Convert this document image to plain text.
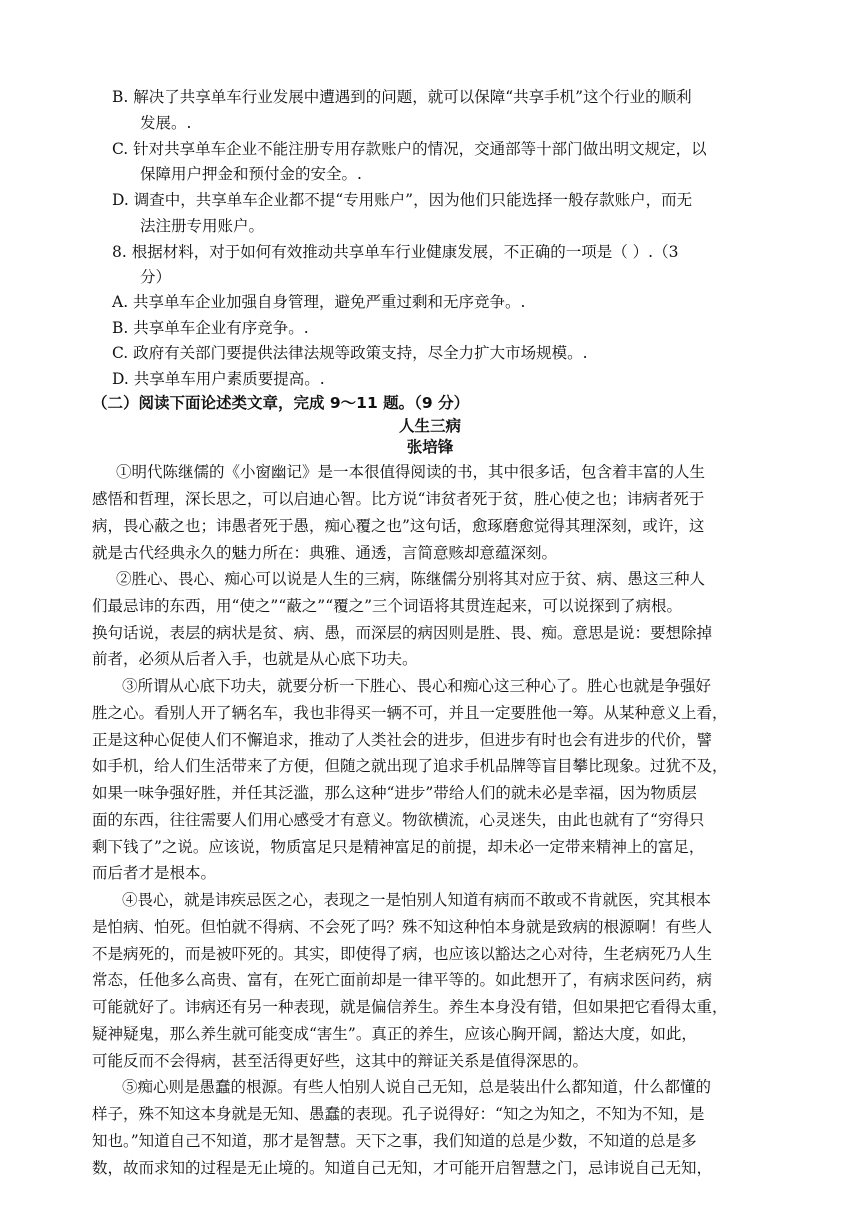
B. 解决了共享单车行业发展中遭遇到的问题，就可以保障“共享手机”这个行业的顺利
发展。.
C. 针对共享单车企业不能注册专用存款账户的情况，交通部等十部门做出明文规定，以
保障用户押金和预付金的安全。.
D. 调查中，共享单车企业都不提“专用账户”，因为他们只能选择一般存款账户，而无
法注册专用账户。
8. 根据材料，对于如何有效推动共享单车行业健康发展，不正确的一项是（ ）.（3
分）
A. 共享单车企业加强自身管理，避免严重过剩和无序竞争。.
B. 共享单车企业有序竞争。.
C. 政府有关部门要提供法律法规等政策支持，尽全力扩大市场规模。.
D. 共享单车用户素质要提高。.
（二）阅读下面论述类文章，完成 9～11 题。（9 分）
人生三病
张培锋
①明代陈继儒的《小窗幽记》是一本很值得阅读的书，其中很多话，包含着丰富的人生
感悟和哲理，深长思之，可以启迪心智。比方说“讳贫者死于贫，胜心使之也；讳病者死于
病，畏心蔽之也；讳愚者死于愚，痴心覆之也”这句话，愈琢磨愈觉得其理深刻，或许，这
就是古代经典永久的魅力所在：典雅、通透，言简意赅却意蕴深刻。
②胜心、畏心、痴心可以说是人生的三病，陈继儒分别将其对应于贫、病、愚这三种人
们最忌讳的东西，用“使之”“蔽之”“覆之”三个词语将其贯连起来，可以说探到了病根。
换句话说，表层的病状是贫、病、愚，而深层的病因则是胜、畏、痴。意思是说：要想除掉
前者，必须从后者入手，也就是从心底下功夫。
③所谓从心底下功夫，就要分析一下胜心、畏心和痴心这三种心了。胜心也就是争强好
胜之心。看别人开了辆名车，我也非得买一辆不可，并且一定要胜他一筹。从某种意义上看，
正是这种心促使人们不懈追求，推动了人类社会的进步，但进步有时也会有进步的代价，譬
如手机，给人们生活带来了方便，但随之就出现了追求手机品牌等盲目攀比现象。过犹不及，
如果一味争强好胜，并任其泛滥，那么这种“进步”带给人们的就未必是幸福，因为物质层
面的东西，往往需要人们用心感受才有意义。物欲横流，心灵迷失，由此也就有了“穷得只
剩下钱了”之说。应该说，物质富足只是精神富足的前提，却未必一定带来精神上的富足，
而后者才是根本。
④畏心，就是讳疾忌医之心，表现之一是怕别人知道有病而不敢或不肯就医，究其根本
是怕病、怕死。但怕就不得病、不会死了吗？殊不知这种怕本身就是致病的根源啊！有些人
不是病死的，而是被吓死的。其实，即使得了病，也应该以豁达之心对待，生老病死乃人生
常态，任他多么高贵、富有，在死亡面前却是一律平等的。如此想开了，有病求医问药，病
可能就好了。讳病还有另一种表现，就是偏信养生。养生本身没有错，但如果把它看得太重，
疑神疑鬼，那么养生就可能变成“害生”。真正的养生，应该心胸开阔，豁达大度，如此，
可能反而不会得病，甚至活得更好些，这其中的辩证关系是值得深思的。
⑤痴心则是愚蠢的根源。有些人怕别人说自己无知，总是装出什么都知道，什么都懂的
样子，殊不知这本身就是无知、愚蠢的表现。孔子说得好：“知之为知之，不知为不知，是
知也。”知道自己不知道，那才是智慧。天下之事，我们知道的总是少数，不知道的总是多
数，故而求知的过程是无止境的。知道自己无知，才可能开启智慧之门，忌讳说自己无知，
